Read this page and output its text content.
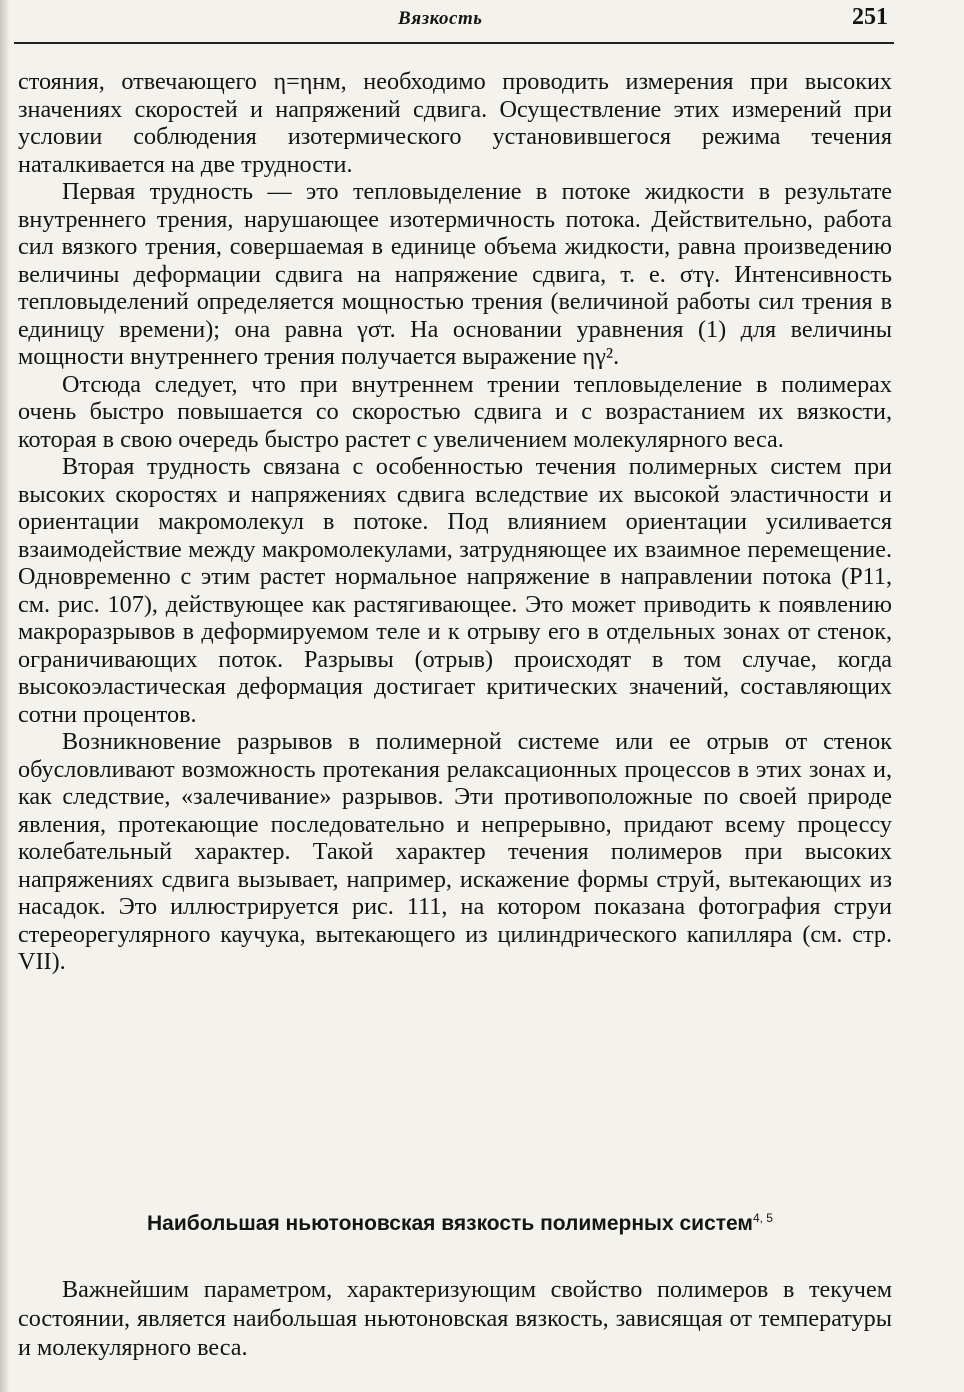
Вязкость	251

стояния, отвечающего η=ηнм, необходимо проводить измерения при высоких значениях скоростей и напряжений сдвига. Осуществление этих измерений при условии соблюдения изотермического установившегося режима течения наталкивается на две трудности.

Первая трудность — это тепловыделение в потоке жидкости в результате внутреннего трения, нарушающее изотермичность потока. Действительно, работа сил вязкого трения, совершаемая в единице объема жидкости, равна произведению величины деформации сдвига на напряжение сдвига, т. е. σтγ. Интенсивность тепловыделений определяется мощностью трения (величиной работы сил трения в единицу времени); она равна γσт. На основании уравнения (1) для величины мощности внутреннего трения получается выражение ηγ².

Отсюда следует, что при внутреннем трении тепловыделение в полимерах очень быстро повышается со скоростью сдвига и с возрастанием их вязкости, которая в свою очередь быстро растет с увеличением молекулярного веса.

Вторая трудность связана с особенностью течения полимерных систем при высоких скоростях и напряжениях сдвига вследствие их высокой эластичности и ориентации макромолекул в потоке. Под влиянием ориентации усиливается взаимодействие между макромолекулами, затрудняющее их взаимное перемещение. Одновременно с этим растет нормальное напряжение в направлении потока (P11, см. рис. 107), действующее как растягивающее. Это может приводить к появлению макроразрывов в деформируемом теле и к отрыву его в отдельных зонах от стенок, ограничивающих поток. Разрывы (отрыв) происходят в том случае, когда высокоэластическая деформация достигает критических значений, составляющих сотни процентов.

Возникновение разрывов в полимерной системе или ее отрыв от стенок обусловливают возможность протекания релаксационных процессов в этих зонах и, как следствие, «залечивание» разрывов. Эти противоположные по своей природе явления, протекающие последовательно и непрерывно, придают всему процессу колебательный характер. Такой характер течения полимеров при высоких напряжениях сдвига вызывает, например, искажение формы струй, вытекающих из насадок. Это иллюстрируется рис. 111, на котором показана фотография струи стереорегулярного каучука, вытекающего из цилиндрического капилляра (см. стр. VII).

Наибольшая ньютоновская вязкость полимерных систем$^{4, 5}$

Важнейшим параметром, характеризующим свойство полимеров в текучем состоянии, является наибольшая ньютоновская вязкость, зависящая от температуры и молекулярного веса.
